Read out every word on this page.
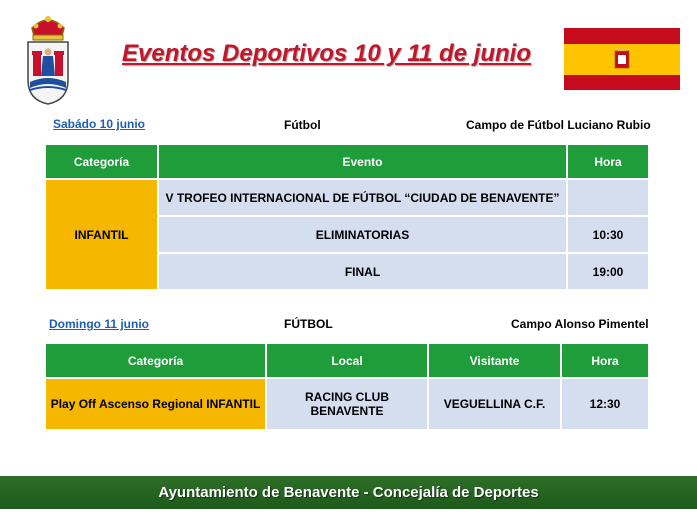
Eventos Deportivos 10 y 11 de junio
Sabádo 10 junio	Fútbol	Campo de Fútbol Luciano Rubio
Categoría	Evento	Hora
INFANTIL	V TROFEO INTERNACIONAL DE FÚTBOL “CIUDAD DE BENAVENTE”	
	ELIMINATORIAS	10:30
	FINAL	19:00
Domingo 11 junio	FÚTBOL	Campo Alonso Pimentel
Categoría	Local	Visitante	Hora
Play Off Ascenso Regional INFANTIL	RACING CLUB BENAVENTE	VEGUELLINA C.F.	12:30
Ayuntamiento de Benavente - Concejalía de Deportes
